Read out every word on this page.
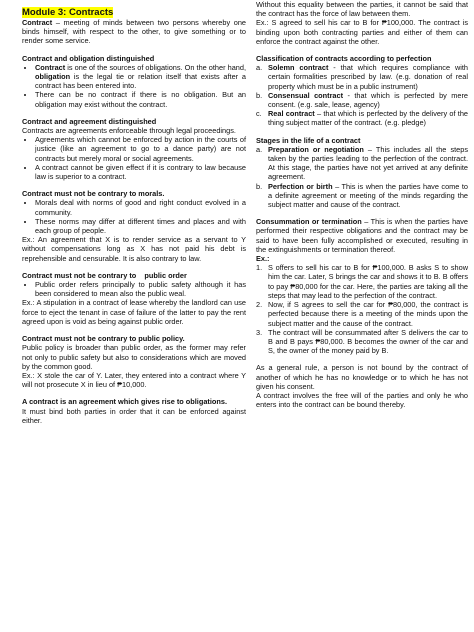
Module 3: Contracts

Contract – meeting of minds between two persons whereby one binds himself, with respect to the other, to give something or to render some service.

Contract and obligation distinguished
• Contract is one of the sources of obligations. On the other hand, obligation is the legal tie or relation itself that exists after a contract has been entered into.
• There can be no contract if there is no obligation. But an obligation may exist without the contract.
Contract and agreement distinguished

Contracts are agreements enforceable through legal proceedings.

• Agreements which cannot be enforced by action in the courts of justice (like an agreement to go to a dance party) are not contracts but merely moral or social agreements.
• A contract cannot be given effect if it is contrary to law because law is superior to a contract.
Contract must not be contrary to morals.
• Morals deal with norms of good and right conduct evolved in a community.
• These norms may differ at different times and places and with each group of people.

Ex.: An agreement that X is to render service as a servant to Y without compensations long as X has not paid his debt is reprehensible and censurable. It is also contrary to law.

Contract must not be contrary to public order
• Public order refers principally to public safety although it has been considered to mean also the public weal.

Ex.: A stipulation in a contract of lease whereby the landlord can use force to eject the tenant in case of failure of the latter to pay the rent agreed upon is void as being against public order.

Contract must not be contrary to public policy.

Public policy is broader than public order, as the former may refer not only to public safety but also to considerations which are moved by the common good.

Ex.: X stole the car of Y. Later, they entered into a contract where Y will not prosecute X in lieu of ₱10,000.

A contract is an agreement which gives rise to obligations.

It must bind both parties in order that it can be enforced against either.

Without this equality between the parties, it cannot be said that the contract has the force of law between them.

Ex.: S agreed to sell his car to B for ₱100,000. The contract is binding upon both contracting parties and either of them can enforce the contract against the other.

Classification of contracts according to perfection
a. Solemn contract - that which requires compliance with certain formalities prescribed by law. (e.g. donation of real property which must be in a public instrument)
b. Consensual contract - that which is perfected by mere consent. (e.g. sale, lease, agency)
c. Real contract – that which is perfected by the delivery of the thing subject matter of the contract. (e.g. pledge)
Stages in the life of a contract
a. Preparation or negotiation – This includes all the steps taken by the parties leading to the perfection of the contract. At this stage, the parties have not yet arrived at any definite agreement.
b. Perfection or birth – This is when the parties have come to a definite agreement or meeting of the minds regarding the subject matter and cause of the contract.

Consummation or termination – This is when the parties have performed their respective obligations and the contract may be said to have been fully accomplished or executed, resulting in the extinguishments or termination thereof.

Ex.:

1. S offers to sell his car to B for ₱100,000. B asks S to show him the car. Later, S brings the car and shows it to B. B offers to pay ₱80,000 for the car. Here, the parties are taking all the steps that may lead to the perfection of the contract.
2. Now, if S agrees to sell the car for ₱80,000, the contract is perfected because there is a meeting of the minds upon the subject matter and the cause of the contract.
3. The contract will be consummated after S delivers the car to B and B pays ₱80,000. B becomes the owner of the car and S, the owner of the money paid by B.

As a general rule, a person is not bound by the contract of another of which he has no knowledge or to which he has not given his consent.

A contract involves the free will of the parties and only he who enters into the contract can be bound thereby.
